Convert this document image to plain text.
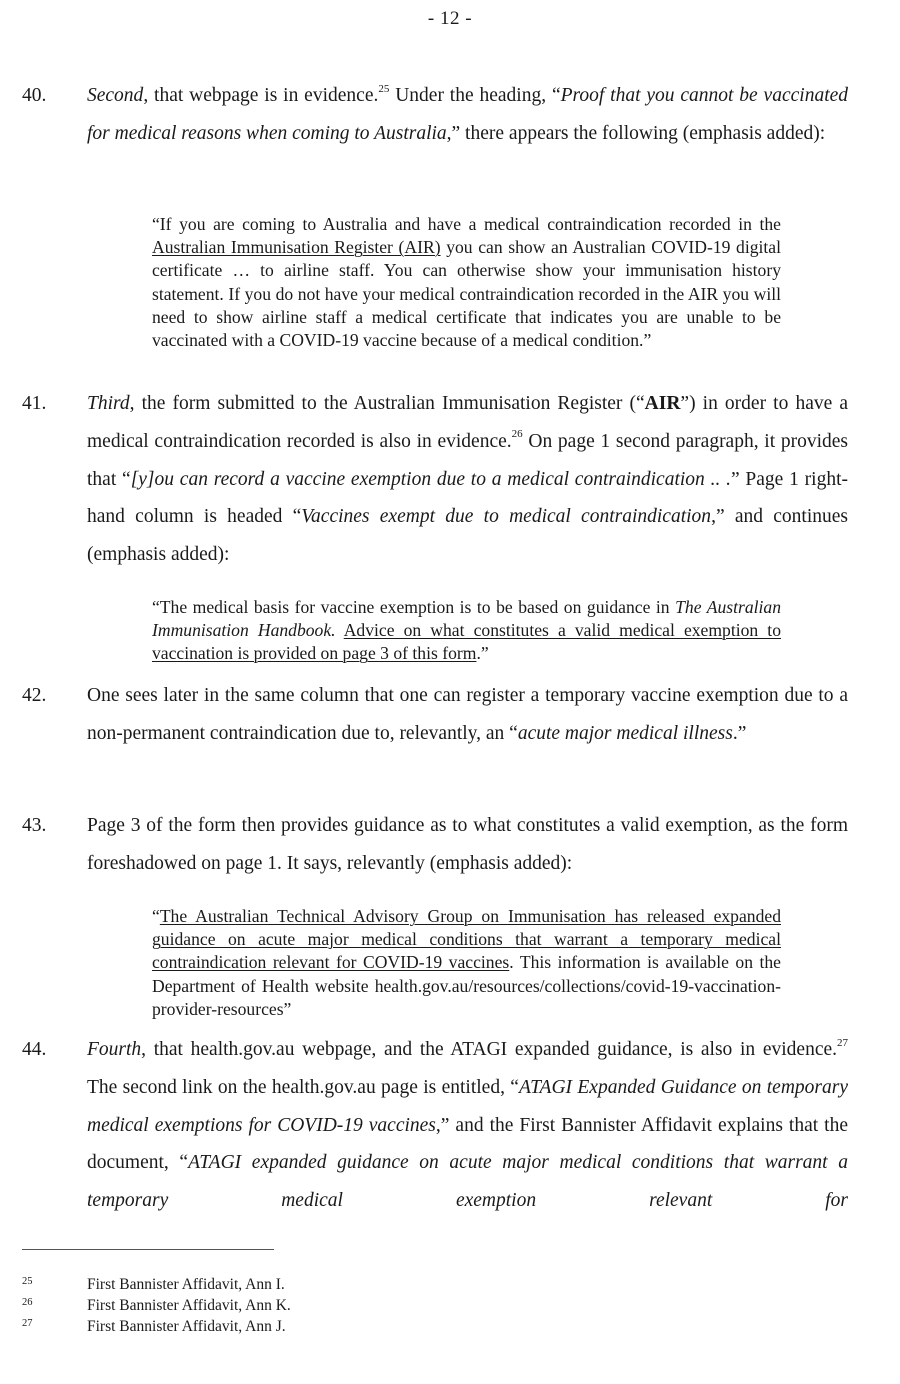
- 12 -
40.	Second, that webpage is in evidence.$^{25}$ Under the heading, “Proof that you cannot be vaccinated for medical reasons when coming to Australia,” there appears the following (emphasis added):
“If you are coming to Australia and have a medical contraindication recorded in the Australian Immunisation Register (AIR) you can show an Australian COVID-19 digital certificate … to airline staff. You can otherwise show your immunisation history statement. If you do not have your medical contraindication recorded in the AIR you will need to show airline staff a medical certificate that indicates you are unable to be vaccinated with a COVID-19 vaccine because of a medical condition.”
41.	Third, the form submitted to the Australian Immunisation Register (“AIR”) in order to have a medical contraindication recorded is also in evidence.$^{26}$ On page 1 second paragraph, it provides that “[y]ou can record a vaccine exemption due to a medical contraindication .. .” Page 1 right-hand column is headed “Vaccines exempt due to medical contraindication,” and continues (emphasis added):
“The medical basis for vaccine exemption is to be based on guidance in The Australian Immunisation Handbook. Advice on what constitutes a valid medical exemption to vaccination is provided on page 3 of this form.”
42.	One sees later in the same column that one can register a temporary vaccine exemption due to a non-permanent contraindication due to, relevantly, an “acute major medical illness.”
43.	Page 3 of the form then provides guidance as to what constitutes a valid exemption, as the form foreshadowed on page 1. It says, relevantly (emphasis added):
“The Australian Technical Advisory Group on Immunisation has released expanded guidance on acute major medical conditions that warrant a temporary medical contraindication relevant for COVID-19 vaccines. This information is available on the Department of Health website health.gov.au/resources/collections/covid-19-vaccination-provider-resources”
44.	Fourth, that health.gov.au webpage, and the ATAGI expanded guidance, is also in evidence.$^{27}$ The second link on the health.gov.au page is entitled, “ATAGI Expanded Guidance on temporary medical exemptions for COVID-19 vaccines,” and the First Bannister Affidavit explains that the document, “ATAGI expanded guidance on acute major medical conditions that warrant a temporary medical exemption relevant for
25	First Bannister Affidavit, Ann I.
26	First Bannister Affidavit, Ann K.
27	First Bannister Affidavit, Ann J.
